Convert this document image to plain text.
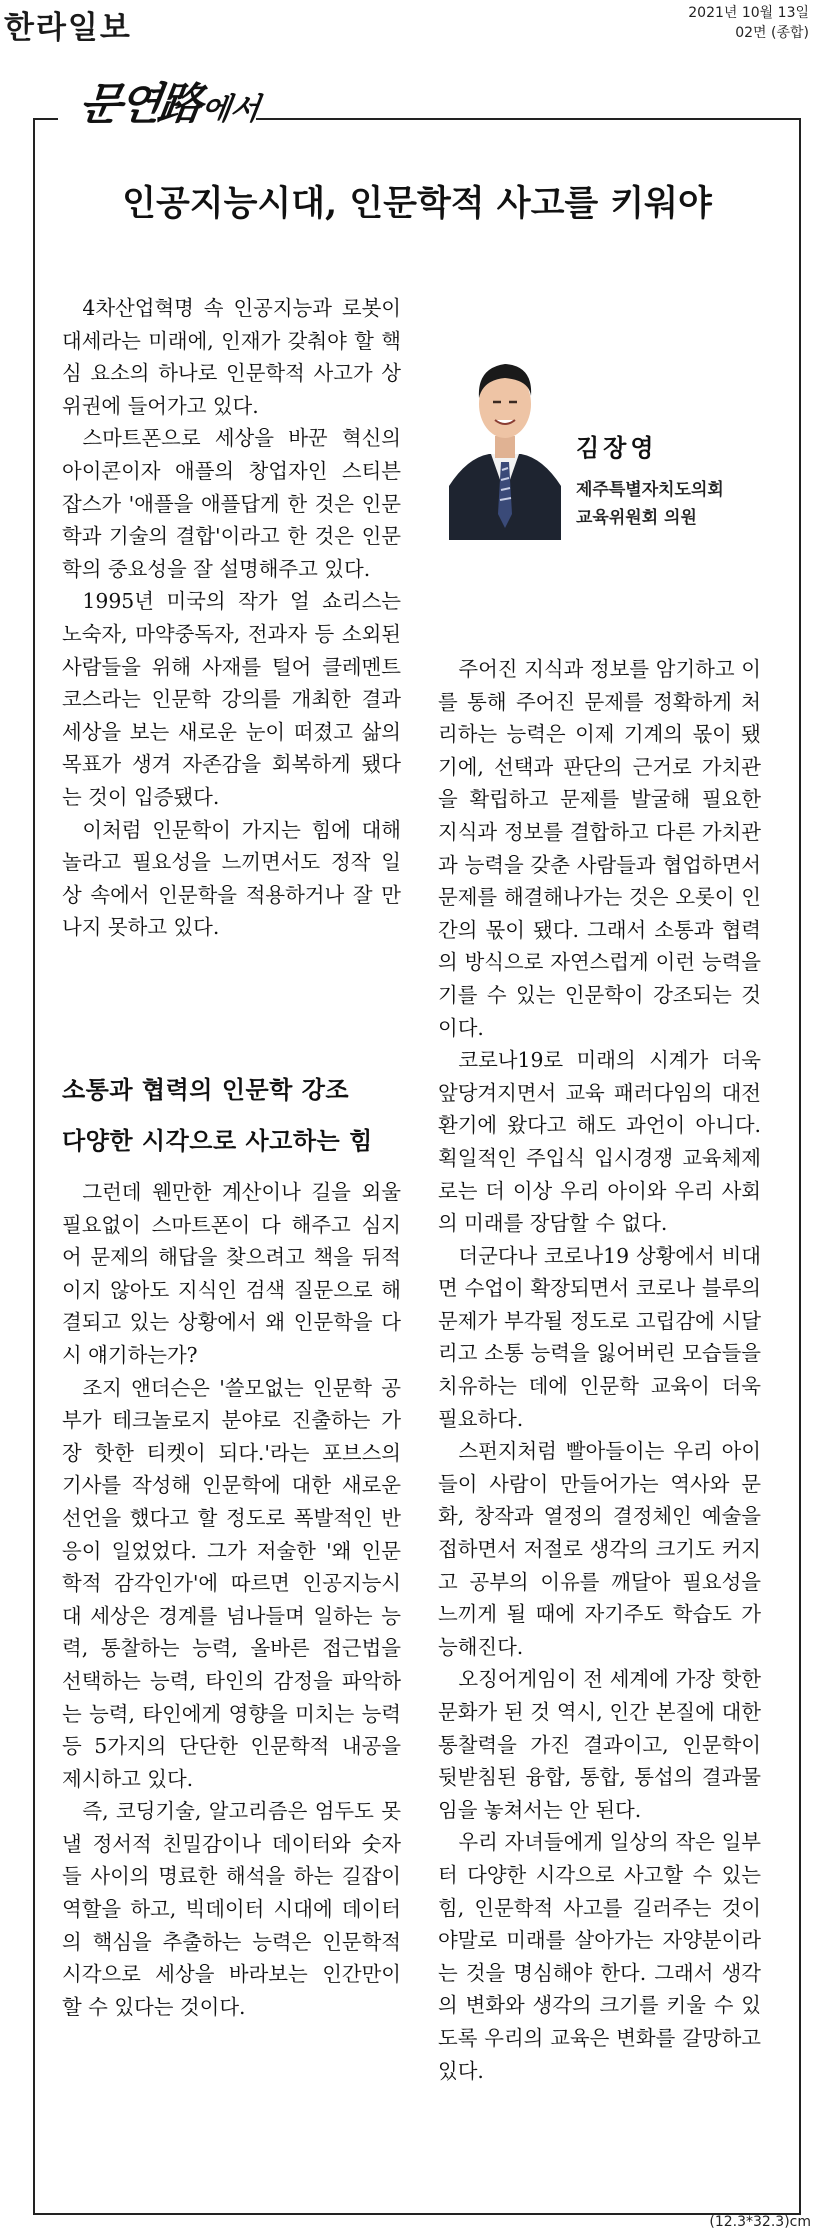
한라일보	2021년 10월 13일
02면 (종합)
문연路에서
인공지능시대, 인문학적 사고를 키워야

4차산업혁명 속 인공지능과 로봇이 대세라는 미래에, 인재가 갖춰야 할 핵심 요소의 하나로 인문학적 사고가 상위권에 들어가고 있다.

스마트폰으로 세상을 바꾼 혁신의 아이콘이자 애플의 창업자인 스티븐 잡스가 '애플을 애플답게 한 것은 인문학과 기술의 결합'이라고 한 것은 인문학의 중요성을 잘 설명해주고 있다.

1995년 미국의 작가 얼 쇼리스는 노숙자, 마약중독자, 전과자 등 소외된 사람들을 위해 사재를 털어 클레멘트 코스라는 인문학 강의를 개최한 결과 세상을 보는 새로운 눈이 떠졌고 삶의 목표가 생겨 자존감을 회복하게 됐다는 것이 입증됐다.

이처럼 인문학이 가지는 힘에 대해 놀라고 필요성을 느끼면서도 정작 일상 속에서 인문학을 적용하거나 잘 만나지 못하고 있다.

소통과 협력의 인문학 강조
다양한 시각으로 사고하는 힘

그런데 웬만한 계산이나 길을 외울 필요없이 스마트폰이 다 해주고 심지어 문제의 해답을 찾으려고 책을 뒤적이지 않아도 지식인 검색 질문으로 해결되고 있는 상황에서 왜 인문학을 다시 얘기하는가?

조지 앤더슨은 '쓸모없는 인문학 공부가 테크놀로지 분야로 진출하는 가장 핫한 티켓이 되다.'라는 포브스의 기사를 작성해 인문학에 대한 새로운 선언을 했다고 할 정도로 폭발적인 반응이 일었었다. 그가 저술한 '왜 인문학적 감각인가'에 따르면 인공지능시대 세상은 경계를 넘나들며 일하는 능력, 통찰하는 능력, 올바른 접근법을 선택하는 능력, 타인의 감정을 파악하는 능력, 타인에게 영향을 미치는 능력 등 5가지의 단단한 인문학적 내공을 제시하고 있다.

즉, 코딩기술, 알고리즘은 엄두도 못 낼 정서적 친밀감이나 데이터와 숫자들 사이의 명료한 해석을 하는 길잡이 역할을 하고, 빅데이터 시대에 데이터의 핵심을 추출하는 능력은 인문학적 시각으로 세상을 바라보는 인간만이 할 수 있다는 것이다.

김장영
제주특별자치도의회
교육위원회 의원

주어진 지식과 정보를 암기하고 이를 통해 주어진 문제를 정확하게 처리하는 능력은 이제 기계의 몫이 됐기에, 선택과 판단의 근거로 가치관을 확립하고 문제를 발굴해 필요한 지식과 정보를 결합하고 다른 가치관과 능력을 갖춘 사람들과 협업하면서 문제를 해결해나가는 것은 오롯이 인간의 몫이 됐다. 그래서 소통과 협력의 방식으로 자연스럽게 이런 능력을 기를 수 있는 인문학이 강조되는 것이다.

코로나19로 미래의 시계가 더욱 앞당겨지면서 교육 패러다임의 대전환기에 왔다고 해도 과언이 아니다. 획일적인 주입식 입시경쟁 교육체제로는 더 이상 우리 아이와 우리 사회의 미래를 장담할 수 없다.

더군다나 코로나19 상황에서 비대면 수업이 확장되면서 코로나 블루의 문제가 부각될 정도로 고립감에 시달리고 소통 능력을 잃어버린 모습들을 치유하는 데에 인문학 교육이 더욱 필요하다.

스펀지처럼 빨아들이는 우리 아이들이 사람이 만들어가는 역사와 문화, 창작과 열정의 결정체인 예술을 접하면서 저절로 생각의 크기도 커지고 공부의 이유를 깨달아 필요성을 느끼게 될 때에 자기주도 학습도 가능해진다.

오징어게임이 전 세계에 가장 핫한 문화가 된 것 역시, 인간 본질에 대한 통찰력을 가진 결과이고, 인문학이 뒷받침된 융합, 통합, 통섭의 결과물임을 놓쳐서는 안 된다.

우리 자녀들에게 일상의 작은 일부터 다양한 시각으로 사고할 수 있는 힘, 인문학적 사고를 길러주는 것이야말로 미래를 살아가는 자양분이라는 것을 명심해야 한다. 그래서 생각의 변화와 생각의 크기를 키울 수 있도록 우리의 교육은 변화를 갈망하고 있다.

(12.3*32.3)cm
